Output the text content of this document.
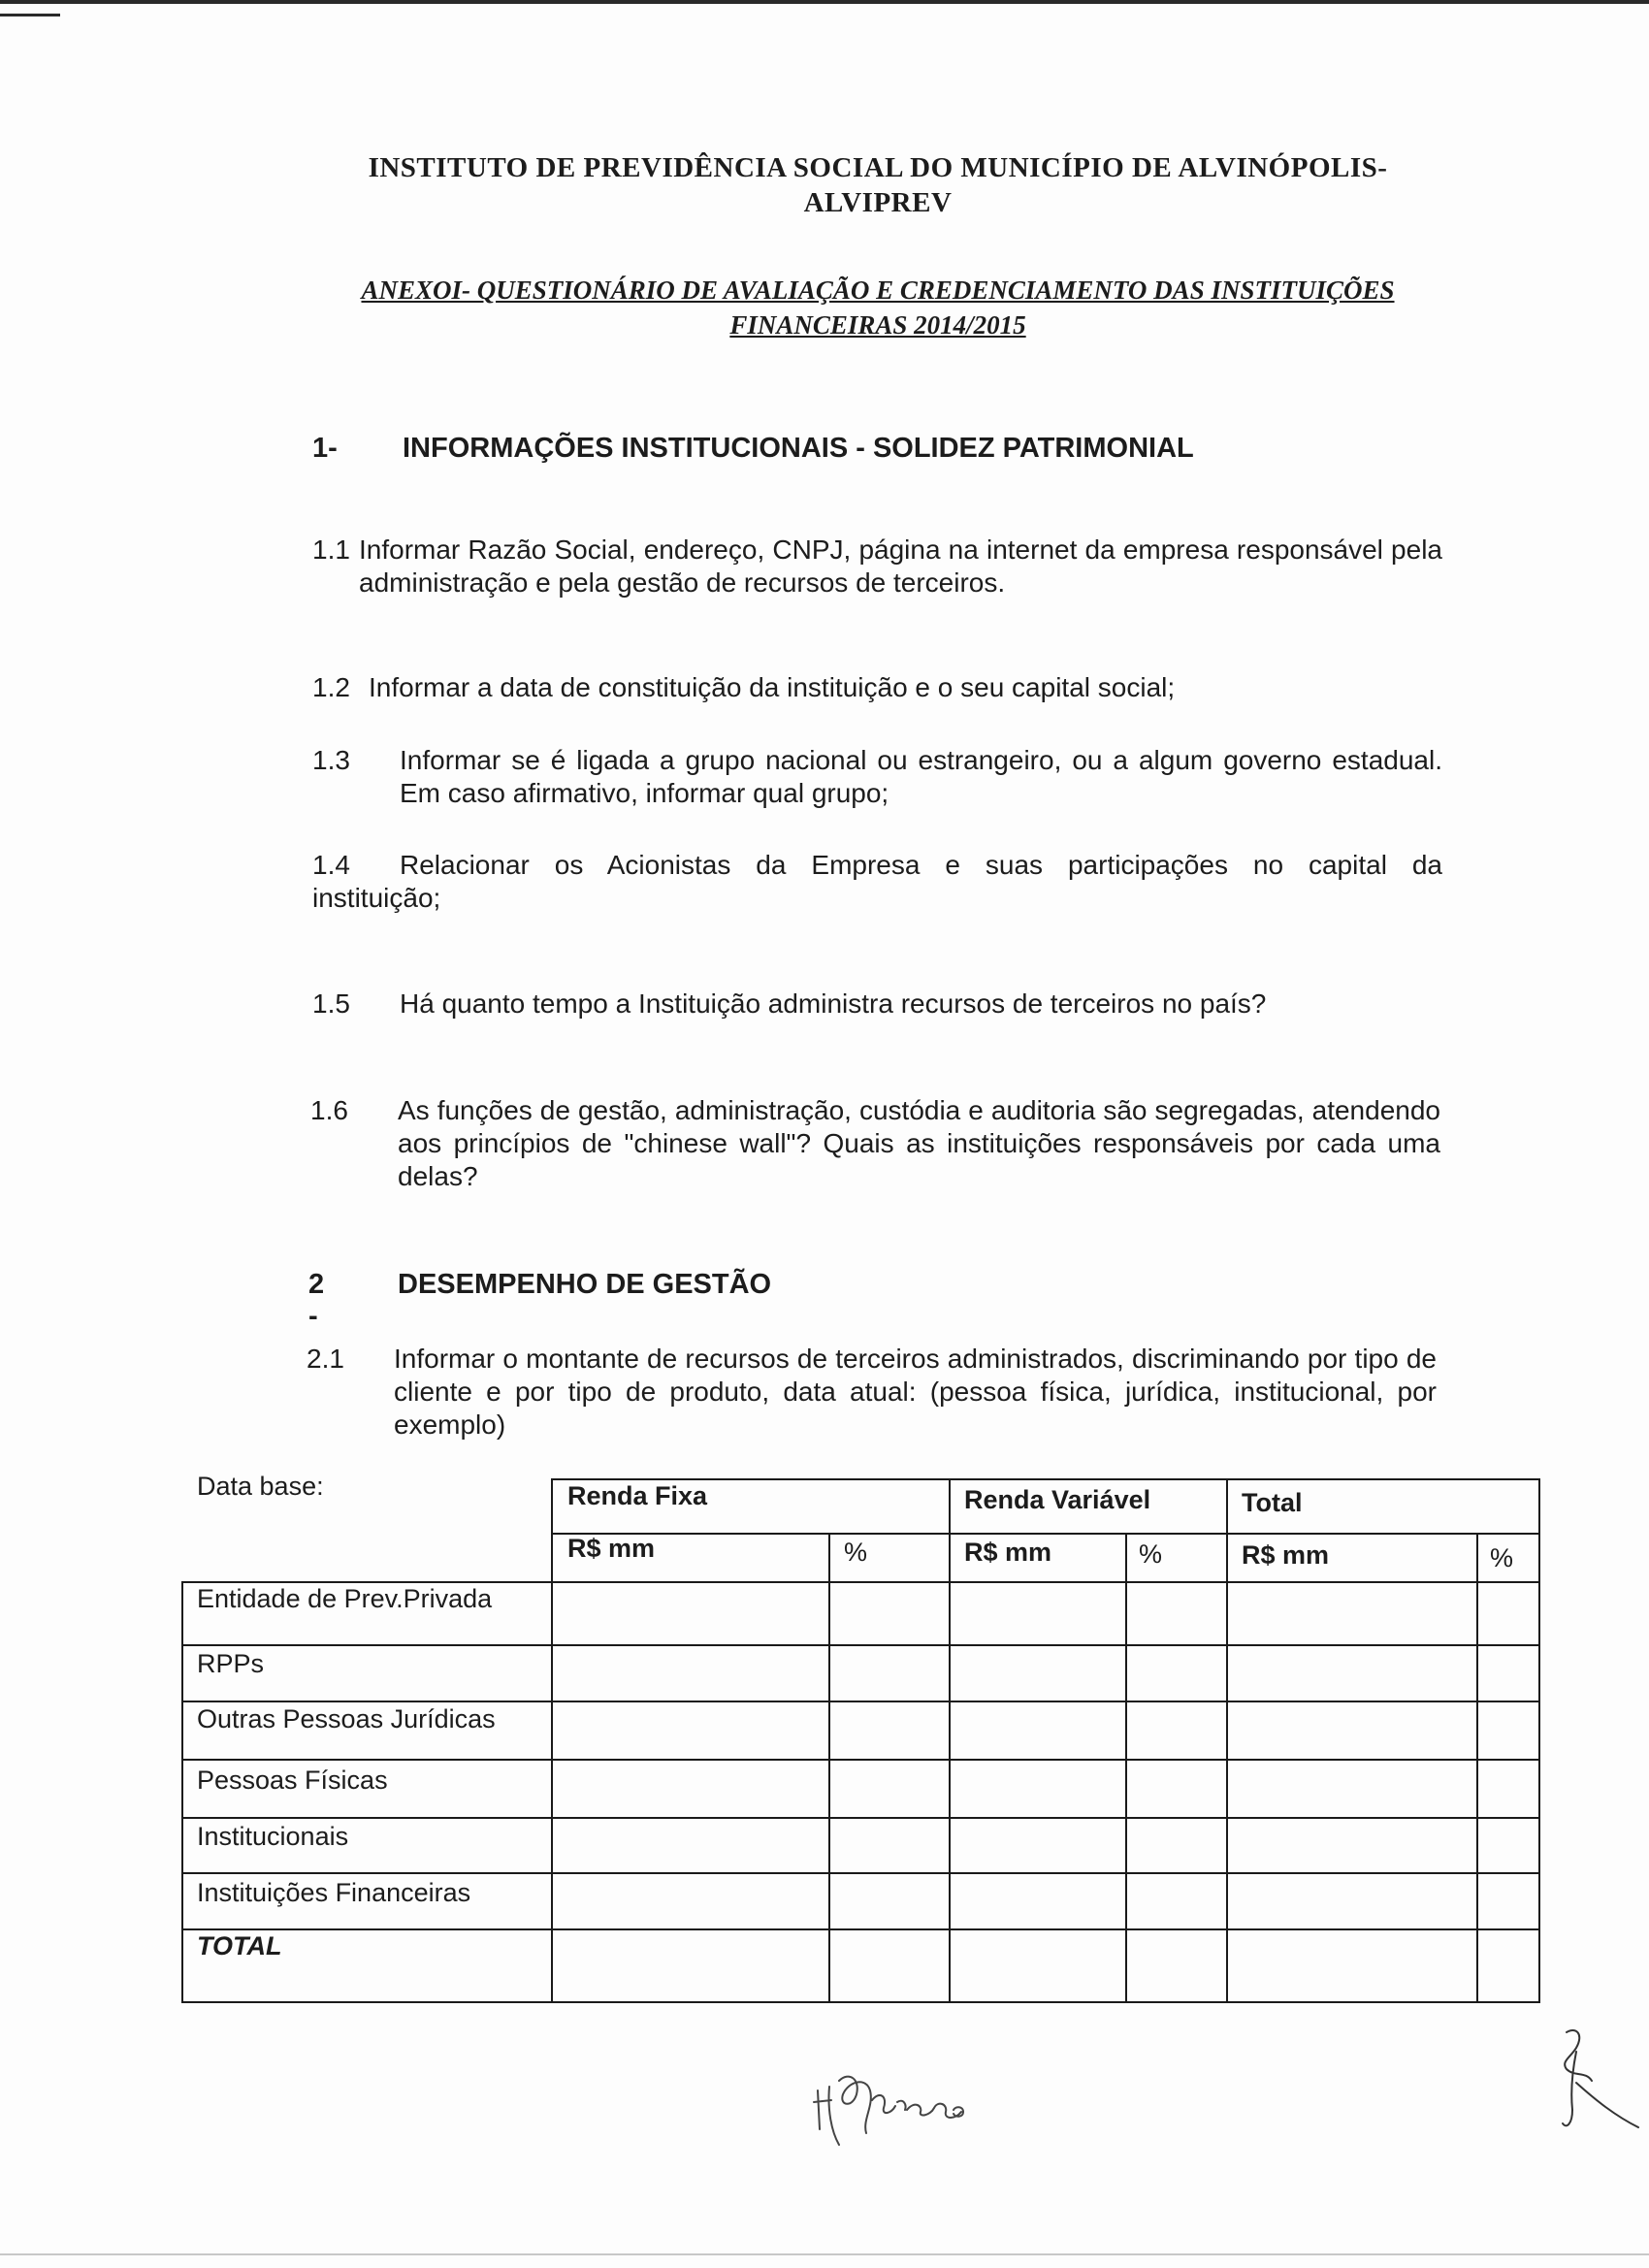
INSTITUTO DE PREVIDÊNCIA SOCIAL DO MUNICÍPIO DE ALVINÓPOLIS-
ALVIPREV
ANEXOI- QUESTIONÁRIO DE AVALIAÇÃO E CREDENCIAMENTO DAS INSTITUIÇÕES
FINANCEIRAS 2014/2015
1- INFORMAÇÕES INSTITUCIONAIS - SOLIDEZ PATRIMONIAL
1.1 Informar Razão Social, endereço, CNPJ, página na internet da empresa responsável pela administração e pela gestão de recursos de terceiros.
1.2 Informar a data de constituição da instituição e o seu capital social;
1.3 Informar se é ligada a grupo nacional ou estrangeiro, ou a algum governo estadual. Em caso afirmativo, informar qual grupo;
1.4	Relacionar os Acionistas da Empresa e suas participações no capital da
instituição;
1.5 Há quanto tempo a Instituição administra recursos de terceiros no país?
1.6 As funções de gestão, administração, custódia e auditoria são segregadas, atendendo aos princípios de "chinese wall"? Quais as instituições responsáveis por cada uma delas?
2 -
DESEMPENHO DE GESTÃO
2.1 Informar o montante de recursos de terceiros administrados, discriminando por tipo de cliente e por tipo de produto, data atual: (pessoa física, jurídica, institucional, por exemplo)
Data base:	Renda Fixa	Renda Variável	Total
R$ mm	%	R$ mm	%	R$ mm	%
Entidade de Prev.Privada
RPPs
Outras Pessoas Jurídicas
Pessoas Físicas
Institucionais
Instituições Financeiras
TOTAL
